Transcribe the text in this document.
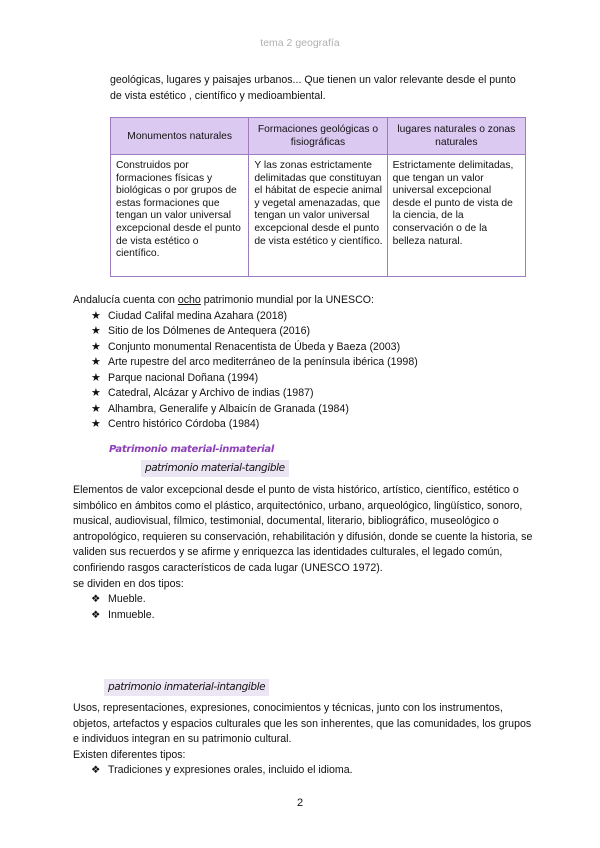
tema 2 geografía
geológicas, lugares y paisajes urbanos... Que tienen un valor relevante desde el punto de vista estético , científico y medioambiental.
Monumentos naturales	Formaciones geológicas o fisiográficas	lugares naturales o zonas naturales
Construidos por formaciones físicas y biológicas o por grupos de estas formaciones que tengan un valor universal excepcional desde el punto de vista estético o científico.	Y las zonas estrictamente delimitadas que constituyan el hábitat de especie animal y vegetal amenazadas, que tengan un valor universal excepcional desde el punto de vista estético y científico.	Estrictamente delimitadas, que tengan un valor universal excepcional desde el punto de vista de la ciencia, de la conservación o de la belleza natural.
Andalucía cuenta con ocho patrimonio mundial por la UNESCO:
★ Ciudad Califal medina Azahara (2018)
★ Sitio de los Dólmenes de Antequera (2016)
★ Conjunto monumental Renacentista de Úbeda y Baeza (2003)
★ Arte rupestre del arco mediterráneo de la península ibérica (1998)
★ Parque nacional Doñana (1994)
★ Catedral, Alcázar y Archivo de indias (1987)
★ Alhambra, Generalife y Albaicín de Granada (1984)
★ Centro histórico Córdoba (1984)
Patrimonio material-inmaterial
patrimonio material-tangible
Elementos de valor excepcional desde el punto de vista histórico, artístico, científico, estético o simbólico en ámbitos como el plástico, arquitectónico, urbano, arqueológico, lingüístico, sonoro, musical, audiovisual, fílmico, testimonial, documental, literario, bibliográfico, museológico o antropológico, requieren su conservación, rehabilitación y difusión, donde se cuente la historia, se validen sus recuerdos y se afirme y enriquezca las identidades culturales, el legado común, confiriendo rasgos característicos de cada lugar (UNESCO 1972).
se dividen en dos tipos:
❖ Mueble.
❖ Inmueble.
patrimonio inmaterial-intangible
Usos, representaciones, expresiones, conocimientos y técnicas, junto con los instrumentos, objetos, artefactos y espacios culturales que les son inherentes, que las comunidades, los grupos e individuos integran en su patrimonio cultural.
Existen diferentes tipos:
❖ Tradiciones y expresiones orales, incluido el idioma.
2
